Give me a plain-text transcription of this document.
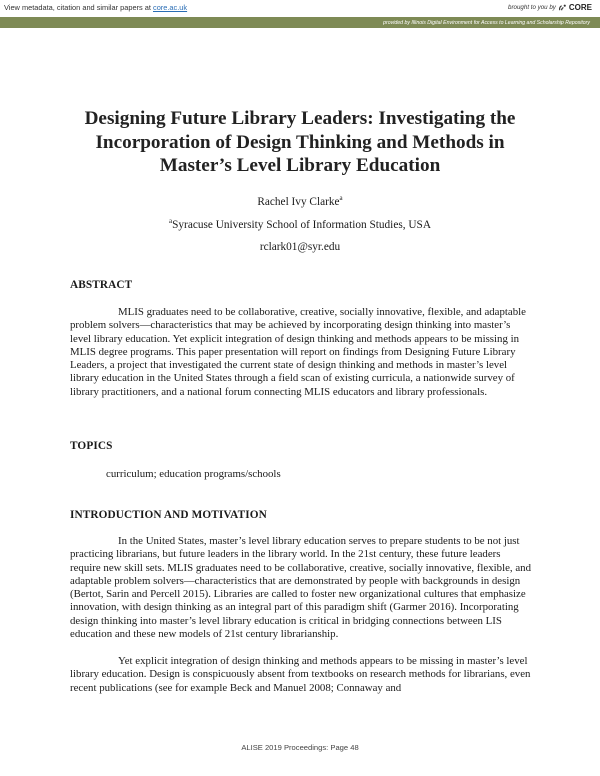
View metadata, citation and similar papers at core.ac.uk	brought to you by CORE
provided by Illinois Digital Environment for Access to Learning and Scholarship Repository
Designing Future Library Leaders: Investigating the Incorporation of Design Thinking and Methods in Master’s Level Library Education
Rachel Ivy Clarke$^a$
$^a$Syracuse University School of Information Studies, USA
rclark01@syr.edu
ABSTRACT

MLIS graduates need to be collaborative, creative, socially innovative, flexible, and adaptable problem solvers—characteristics that may be achieved by incorporating design thinking into master’s level library education. Yet explicit integration of design thinking and methods appears to be missing in MLIS degree programs. This paper presentation will report on findings from Designing Future Library Leaders, a project that investigated the current state of design thinking and methods in master’s level library education in the United States through a field scan of existing curricula, a nationwide survey of library practitioners, and a national forum connecting MLIS educators and library professionals.

TOPICS

curriculum; education programs/schools

INTRODUCTION AND MOTIVATION

In the United States, master’s level library education serves to prepare students to be not just practicing librarians, but future leaders in the library world. In the 21st century, these future leaders require new skill sets. MLIS graduates need to be collaborative, creative, socially innovative, flexible, and adaptable problem solvers—characteristics that are demonstrated by people with backgrounds in design (Bertot, Sarin and Percell 2015). Libraries are called to foster new organizational cultures that emphasize innovation, with design thinking as an integral part of this paradigm shift (Garmer 2016). Incorporating design thinking into master’s level library education is critical in bridging connections between LIS education and these new models of 21st century librarianship.

Yet explicit integration of design thinking and methods appears to be missing in master’s level library education. Design is conspicuously absent from textbooks on research methods for librarians, even recent publications (see for example Beck and Manuel 2008; Connaway and

ALISE 2019 Proceedings: Page 48
